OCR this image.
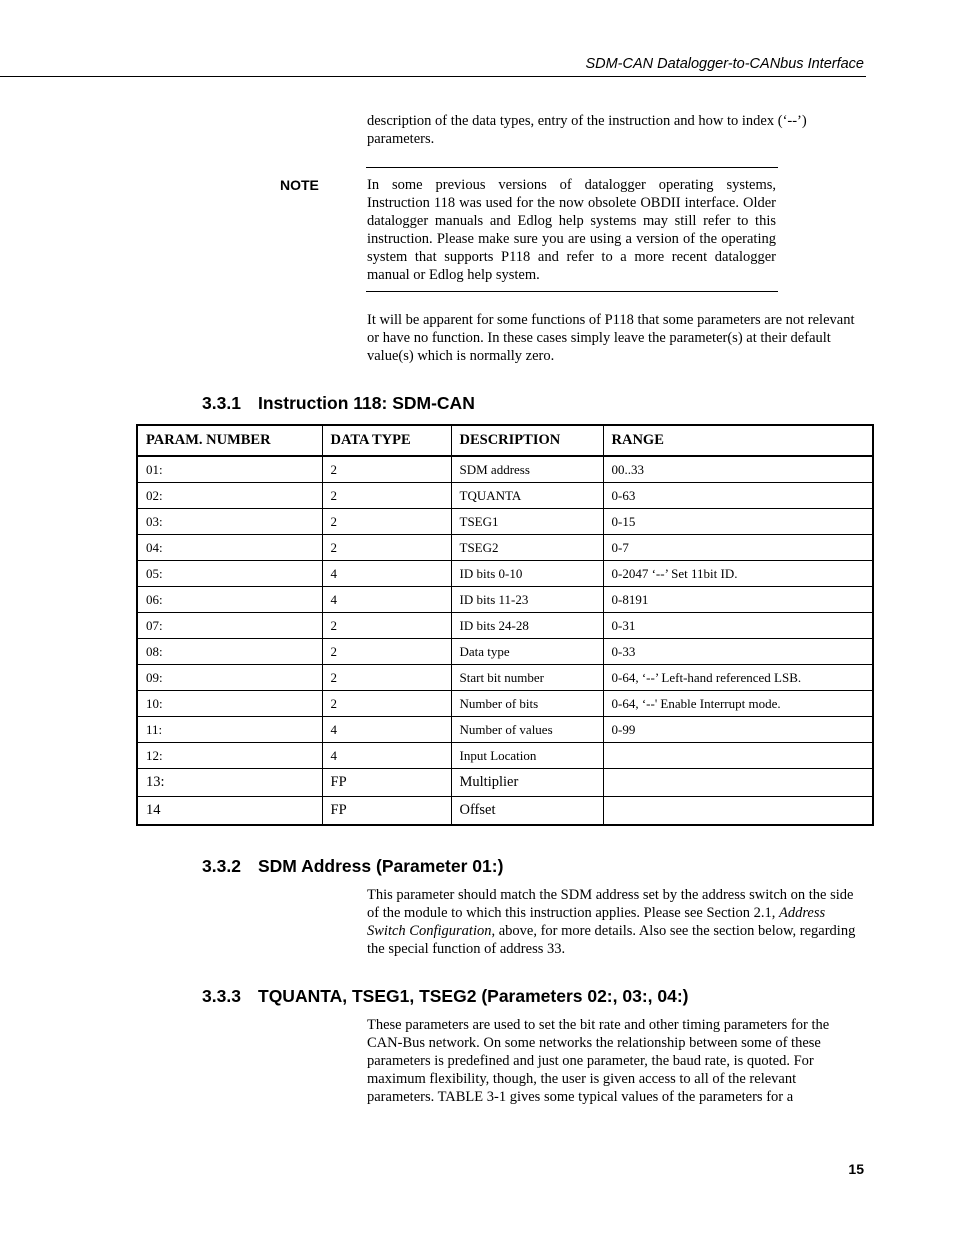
SDM-CAN Datalogger-to-CANbus Interface

description of the data types, entry of the instruction and how to index (‘--’) parameters.

NOTE	In some previous versions of datalogger operating systems, Instruction 118 was used for the now obsolete OBDII interface. Older datalogger manuals and Edlog help systems may still refer to this instruction. Please make sure you are using a version of the operating system that supports P118 and refer to a more recent datalogger manual or Edlog help system.

It will be apparent for some functions of P118 that some parameters are not relevant or have no function. In these cases simply leave the parameter(s) at their default value(s) which is normally zero.

3.3.1 Instruction 118: SDM-CAN
PARAM. NUMBER	DATA TYPE	DESCRIPTION	RANGE
01:	2	SDM address	00..33
02:	2	TQUANTA	0-63
03:	2	TSEG1	0-15
04:	2	TSEG2	0-7
05:	4	ID bits 0-10	0-2047 ‘--’ Set 11bit ID.
06:	4	ID bits 11-23	0-8191
07:	2	ID bits 24-28	0-31
08:	2	Data type	0-33
09:	2	Start bit number	0-64, ‘--’ Left-hand referenced LSB.
10:	2	Number of bits	0-64, ‘--' Enable Interrupt mode.
11:	4	Number of values	0-99
12:	4	Input Location	
13:	FP	Multiplier	
14	FP	Offset	
3.3.2 SDM Address (Parameter 01:)

This parameter should match the SDM address set by the address switch on the side of the module to which this instruction applies. Please see Section 2.1, Address Switch Configuration, above, for more details. Also see the section below, regarding the special function of address 33.

3.3.3 TQUANTA, TSEG1, TSEG2 (Parameters 02:, 03:, 04:)

These parameters are used to set the bit rate and other timing parameters for the CAN-Bus network. On some networks the relationship between some of these parameters is predefined and just one parameter, the baud rate, is quoted. For maximum flexibility, though, the user is given access to all of the relevant parameters. TABLE 3-1 gives some typical values of the parameters for a

15
